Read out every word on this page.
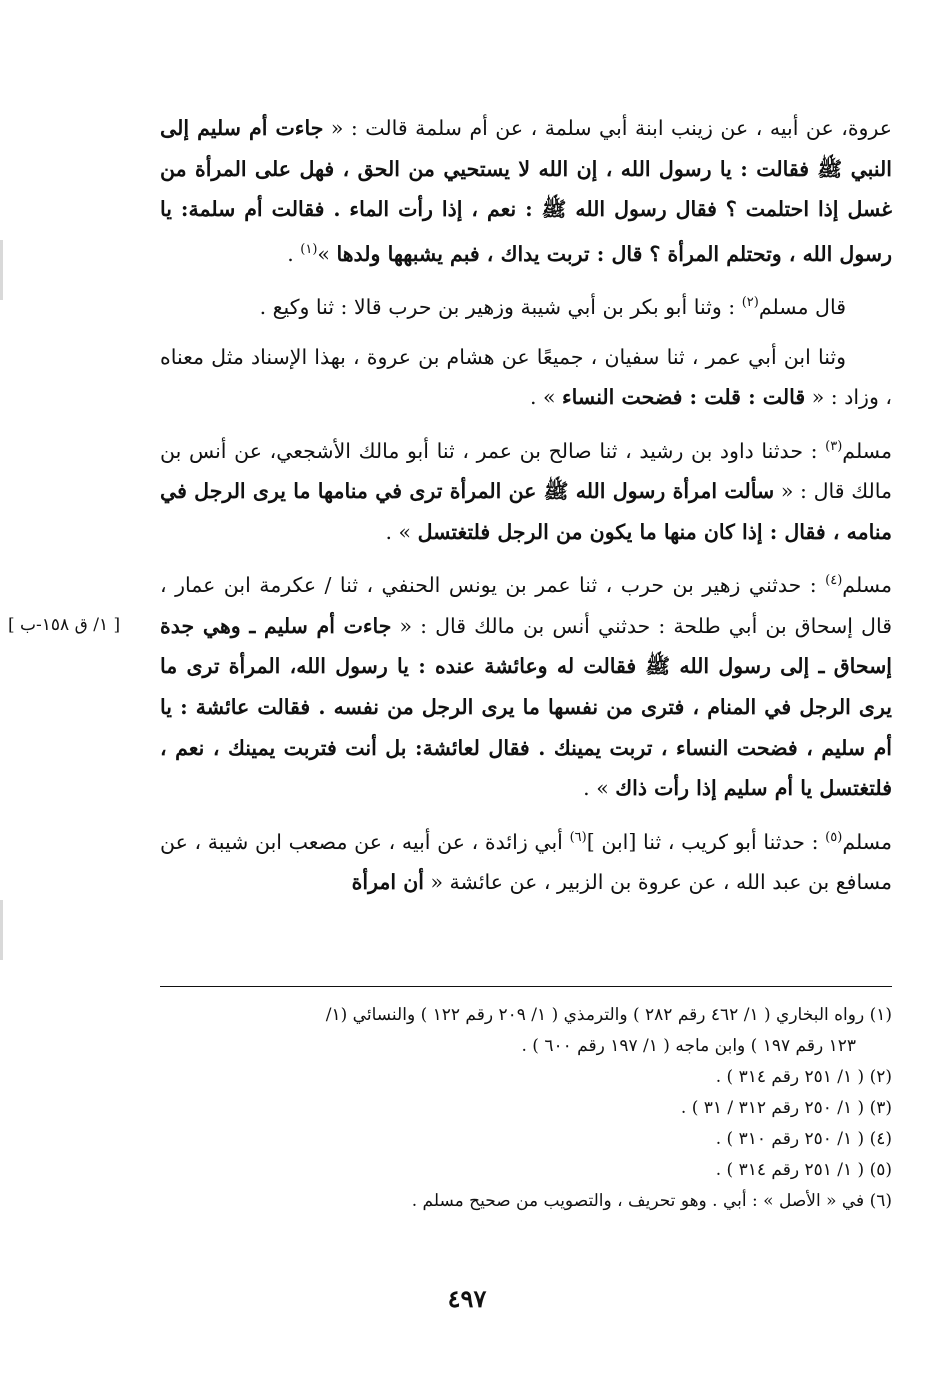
عروة، عن أبيه ، عن زينب ابنة أبي سلمة ، عن أم سلمة قالت : « جاءت أم سليم إلى النبي ﷺ فقالت : يا رسول الله ، إن الله لا يستحيي من الحق ، فهل على المرأة من غسل إذا احتلمت ؟ فقال رسول الله ﷺ : نعم ، إذا رأت الماء . فقالت أم سلمة: يا رسول الله ، وتحتلم المرأة ؟ قال : تربت يداك ، فبم يشبهها ولدها »$^{(١)}$ .

قال مسلم$^{(٢)}$ : وثنا أبو بكر بن أبي شيبة وزهير بن حرب قالا : ثنا وكيع .

وثنا ابن أبي عمر ، ثنا سفيان ، جميعًا عن هشام بن عروة ، بهذا الإسناد مثل معناه ، وزاد : « قالت : قلت : فضحت النساء » .

مسلم$^{(٣)}$ : حدثنا داود بن رشيد ، ثنا صالح بن عمر ، ثنا أبو مالك الأشجعي، عن أنس بن مالك قال : « سألت امرأة رسول الله ﷺ عن المرأة ترى في منامها ما يرى الرجل في منامه ، فقال : إذا كان منها ما يكون من الرجل فلتغتسل » .

مسلم$^{(٤)}$ : حدثني زهير بن حرب ، ثنا عمر بن يونس الحنفي ، ثنا / عكرمة ابن عمار ، قال إسحاق بن أبي طلحة : حدثني أنس بن مالك قال : « جاءت أم سليم ـ وهي جدة إسحاق ـ إلى رسول الله ﷺ فقالت له وعائشة عنده : يا رسول الله، المرأة ترى ما يرى الرجل في المنام ، فترى من نفسها ما يرى الرجل من نفسه . فقالت عائشة : يا أم سليم ، فضحت النساء ، تربت يمينك . فقال لعائشة: بل أنت فتربت يمينك ، نعم ، فلتغتسل يا أم سليم إذا رأت ذاك » .

مسلم$^{(٥)}$ : حدثنا أبو كريب ، ثنا [ابن ]$^{(٦)}$ أبي زائدة ، عن أبيه ، عن مصعب ابن شيبة ، عن مسافع بن عبد الله ، عن عروة بن الزبير ، عن عائشة « أن امرأة

[ ١/ ق ١٥٨-ب ]

(١) رواه البخاري ( ١/ ٤٦٢ رقم ٢٨٢ ) والترمذي ( ١/ ٢٠٩ رقم ١٢٢ ) والنسائي (١/

١٢٣ رقم ١٩٧ ) وابن ماجه ( ١/ ١٩٧ رقم ٦٠٠ ) .

(٢) ( ١/ ٢٥١ رقم ٣١٤ ) .

(٣) ( ١/ ٢٥٠ رقم ٣١٢ / ٣١ ) .

(٤) ( ١/ ٢٥٠ رقم ٣١٠ ) .

(٥) ( ١/ ٢٥١ رقم ٣١٤ ) .

(٦) في « الأصل » : أبي . وهو تحريف ، والتصويب من صحيح مسلم .

٤٩٧
